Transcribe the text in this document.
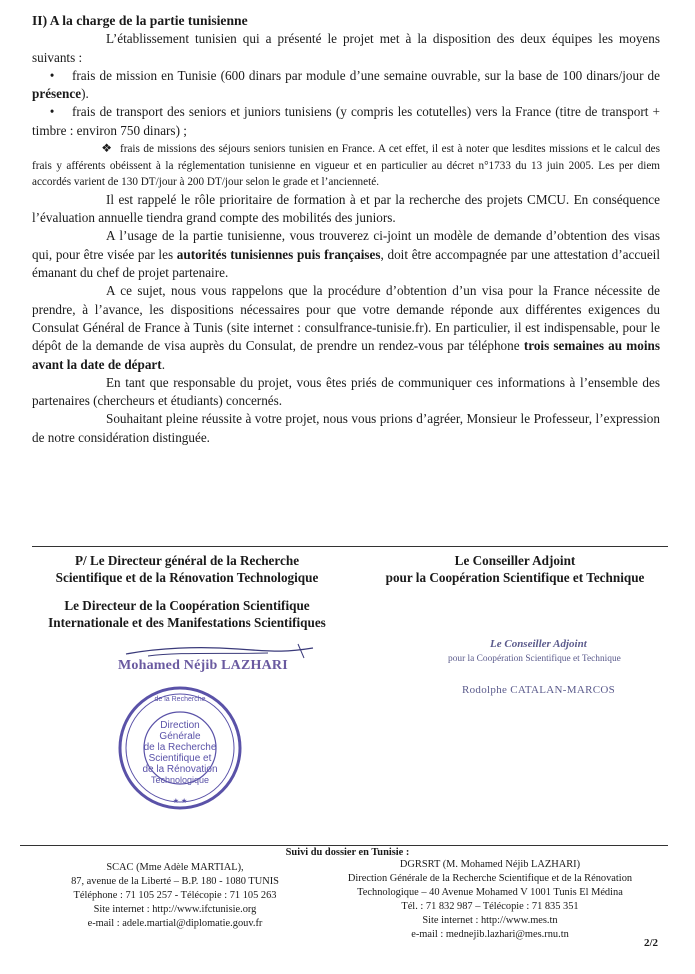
II) A la charge de la partie tunisienne

L’établissement tunisien qui a présenté le projet met à la disposition des deux équipes les moyens suivants :

• frais de mission en Tunisie (600 dinars par module d’une semaine ouvrable, sur la base de 100 dinars/jour de présence).

• frais de transport des seniors et juniors tunisiens (y compris les cotutelles) vers la France (titre de transport + timbre : environ 750 dinars) ;

❖ frais de missions des séjours seniors tunisien en France. A cet effet, il est à noter que lesdites missions et le calcul des frais y afférents obéissent à la réglementation tunisienne en vigueur et en particulier au décret n°1733 du 13 juin 2005. Les per diem accordés varient de 130 DT/jour à 200 DT/jour selon le grade et l’ancienneté.

Il est rappelé le rôle prioritaire de formation à et par la recherche des projets CMCU. En conséquence l’évaluation annuelle tiendra grand compte des mobilités des juniors.

A l’usage de la partie tunisienne, vous trouverez ci-joint un modèle de demande d’obtention des visas qui, pour être visée par les autorités tunisiennes puis françaises, doit être accompagnée par une attestation d’accueil émanant du chef de projet partenaire.

A ce sujet, nous vous rappelons que la procédure d’obtention d’un visa pour la France nécessite de prendre, à l’avance, les dispositions nécessaires pour que votre demande réponde aux différentes exigences du Consulat Général de France à Tunis (site internet : consulfrance-tunisie.fr). En particulier, il est indispensable, pour le dépôt de la demande de visa auprès du Consulat, de prendre un rendez-vous par téléphone trois semaines au moins avant la date de départ.

En tant que responsable du projet, vous êtes priés de communiquer ces informations à l’ensemble des partenaires (chercheurs et étudiants) concernés.

Souhaitant pleine réussite à votre projet, nous vous prions d’agréer, Monsieur le Professeur, l’expression de notre considération distinguée.

P/ Le Directeur général de la Recherche
Scientifique et de la Rénovation Technologique
Le Directeur de la Coopération Scientifique
Internationale et des Manifestations Scientifiques
Mohamed Néjib LAZHARI
Direction
Générale
de la Recherche
Scientifique et
de la Rénovation
Technologique
de la Recherche
★ ★
Le Conseiller Adjoint
pour la Coopération Scientifique et Technique
Le Conseiller Adjoint
pour la Coopération Scientifique et Technique
Rodolphe CATALAN-MARCOS
Suivi du dossier en Tunisie :
SCAC (Mme Adèle MARTIAL),
87, avenue de la Liberté – B.P. 180 - 1080 TUNIS
Téléphone : 71 105 257 - Télécopie : 71 105 263
Site internet : http://www.ifctunisie.org
e-mail : adele.martial@diplomatie.gouv.fr
DGRSRT (M. Mohamed Néjib LAZHARI)
Direction Générale de la Recherche Scientifique et de la Rénovation
Technologique – 40 Avenue Mohamed V 1001 Tunis El Médina
Tél. : 71 832 987 – Télécopie : 71 835 351
Site internet : http://www.mes.tn
e-mail : mednejib.lazhari@mes.rnu.tn
2/2
